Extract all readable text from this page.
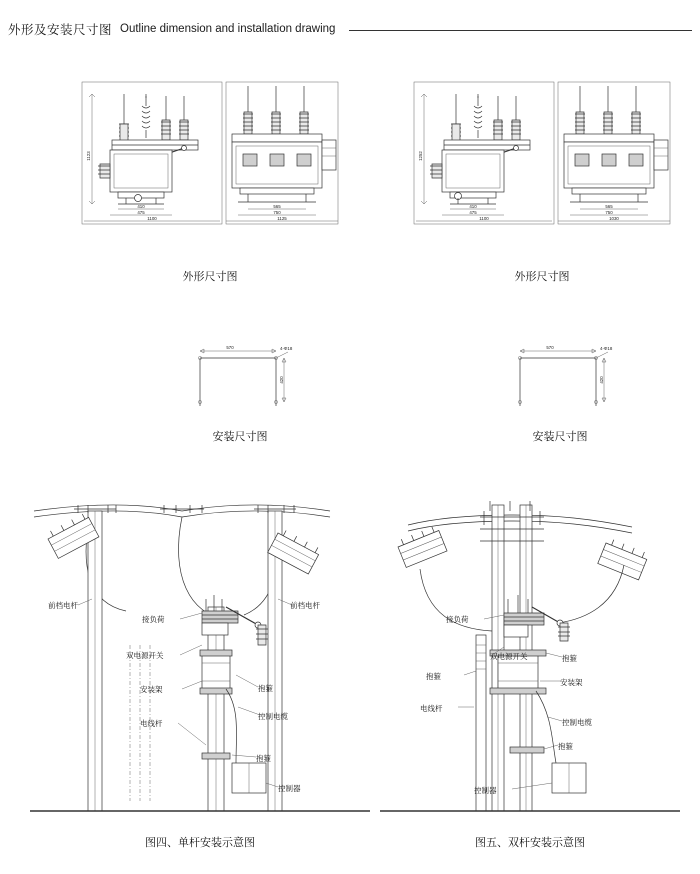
外形及安装尺寸图 Outline dimension and installation drawing
1123
410
475
1100
565
750
1125
外形尺寸图
1252
410
475
1100
565
750
1030
外形尺寸图
570	4-Φ18
420
安装尺寸图
570	4-Φ18
420
安装尺寸图
前档电杆	前档电杆
接负荷
双电源开关
安装架	抱箍
控制电缆
电线杆
抱箍
控制器
图四、单杆安装示意图
接负荷
双电源开关
抱箍
抱箍
安装架
控制电缆
电线杆
抱箍
控制器
图五、双杆安装示意图
